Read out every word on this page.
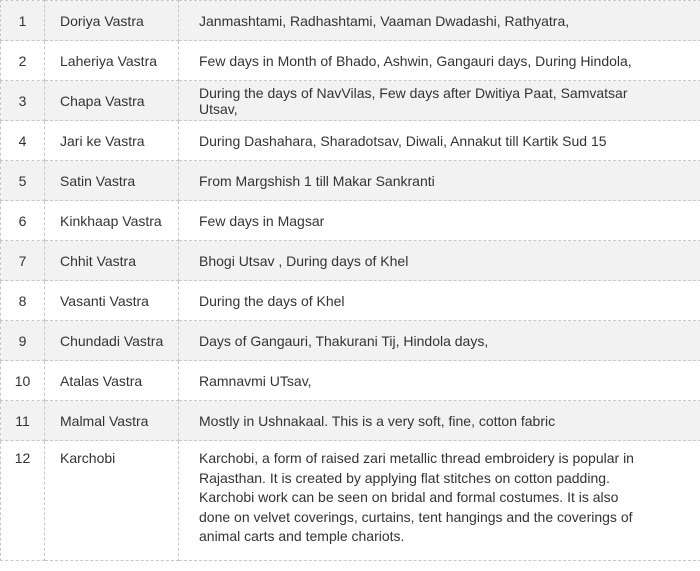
1	Doriya Vastra	Janmashtami, Radhashtami, Vaaman Dwadashi, Rathyatra,
2	Laheriya Vastra	Few days in Month of Bhado, Ashwin, Gangauri days, During Hindola,
3	Chapa Vastra	During the days of NavVilas, Few days after Dwitiya Paat, Samvatsar Utsav,
4	Jari ke Vastra	During Dashahara, Sharadotsav, Diwali, Annakut till Kartik Sud 15
5	Satin Vastra	From Margshish 1 till Makar Sankranti
6	Kinkhaap Vastra	Few days in Magsar
7	Chhit Vastra	Bhogi Utsav , During days of Khel
8	Vasanti Vastra	During the days of Khel
9	Chundadi Vastra	Days of Gangauri, Thakurani Tij, Hindola days,
10	Atalas Vastra	Ramnavmi UTsav,
11	Malmal Vastra	Mostly in Ushnakaal. This is a very soft, fine, cotton fabric
12	Karchobi	Karchobi, a form of raised zari metallic thread embroidery is popular in Rajasthan. It is created by applying flat stitches on cotton padding. Karchobi work can be seen on bridal and formal costumes. It is also done on velvet coverings, curtains, tent hangings and the coverings of animal carts and temple chariots.
